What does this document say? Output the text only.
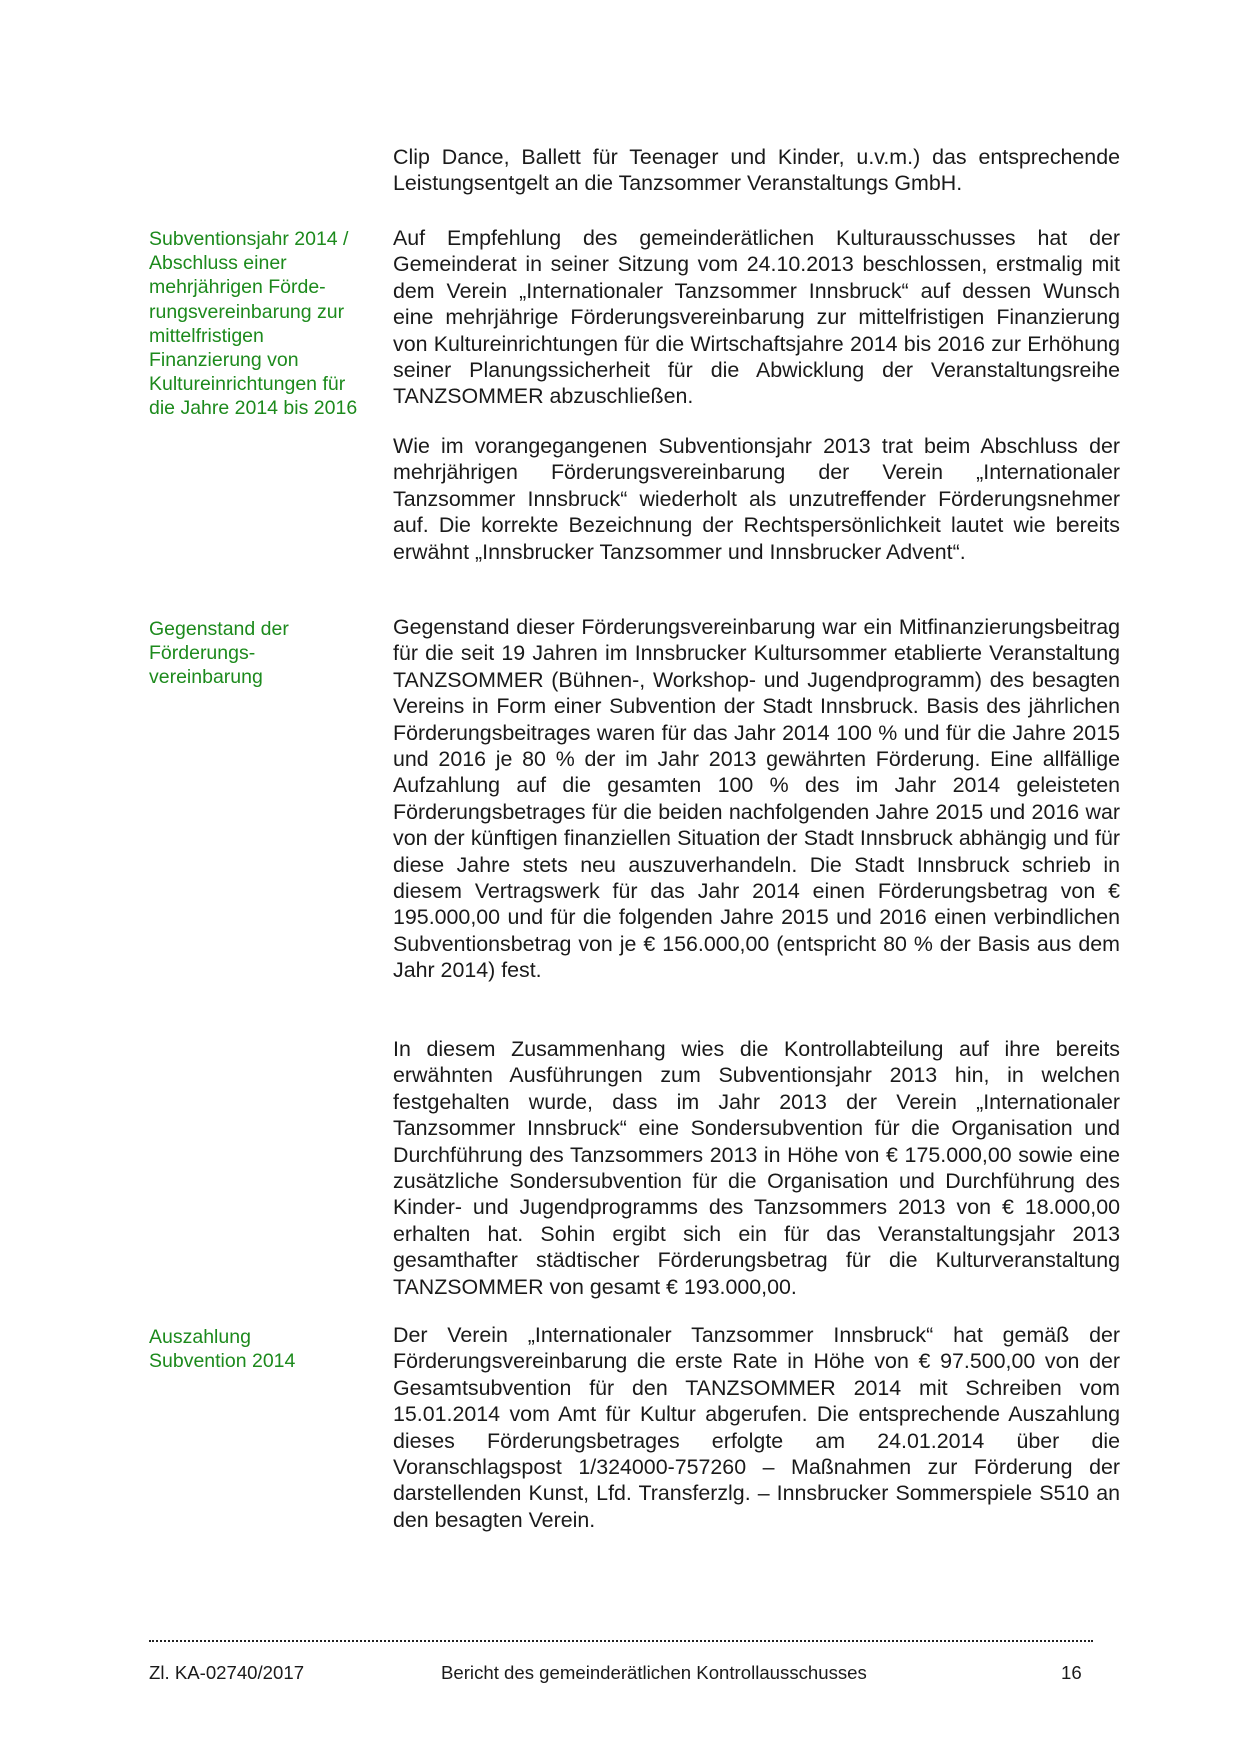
Clip Dance, Ballett für Teenager und Kinder, u.v.m.) das entsprechende Leistungsentgelt an die Tanzsommer Veranstaltungs GmbH.

Auf Empfehlung des gemeinderätlichen Kulturausschusses hat der Gemeinderat in seiner Sitzung vom 24.10.2013 beschlossen, erstmalig mit dem Verein „Internationaler Tanzsommer Innsbruck“ auf dessen Wunsch eine mehrjährige Förderungsvereinbarung zur mittelfristigen Finanzierung von Kultureinrichtungen für die Wirtschaftsjahre 2014 bis 2016 zur Erhöhung seiner Planungssicherheit für die Abwicklung der Veranstaltungsreihe TANZSOMMER abzuschließen.

Wie im vorangegangenen Subventionsjahr 2013 trat beim Abschluss der mehrjährigen Förderungsvereinbarung der Verein „Internationaler Tanzsommer Innsbruck“ wiederholt als unzutreffender Förderungsnehmer auf. Die korrekte Bezeichnung der Rechtspersönlichkeit lautet wie bereits erwähnt „Innsbrucker Tanzsommer und Innsbrucker Advent“.

Gegenstand dieser Förderungsvereinbarung war ein Mitfinanzierungsbeitrag für die seit 19 Jahren im Innsbrucker Kultursommer etablierte Veranstaltung TANZSOMMER (Bühnen-, Workshop- und Jugendprogramm) des besagten Vereins in Form einer Subvention der Stadt Innsbruck. Basis des jährlichen Förderungsbeitrages waren für das Jahr 2014 100 % und für die Jahre 2015 und 2016 je 80 % der im Jahr 2013 gewährten Förderung. Eine allfällige Aufzahlung auf die gesamten 100 % des im Jahr 2014 geleisteten Förderungsbetrages für die beiden nachfolgenden Jahre 2015 und 2016 war von der künftigen finanziellen Situation der Stadt Innsbruck abhängig und für diese Jahre stets neu auszuverhandeln. Die Stadt Innsbruck schrieb in diesem Vertragswerk für das Jahr 2014 einen Förderungsbetrag von € 195.000,00 und für die folgenden Jahre 2015 und 2016 einen verbindlichen Subventionsbetrag von je € 156.000,00 (entspricht 80 % der Basis aus dem Jahr 2014) fest.

In diesem Zusammenhang wies die Kontrollabteilung auf ihre bereits erwähnten Ausführungen zum Subventionsjahr 2013 hin, in welchen festgehalten wurde, dass im Jahr 2013 der Verein „Internationaler Tanzsommer Innsbruck“ eine Sondersubvention für die Organisation und Durchführung des Tanzsommers 2013 in Höhe von € 175.000,00 sowie eine zusätzliche Sondersubvention für die Organisation und Durchführung des Kinder- und Jugendprogramms des Tanzsommers 2013 von € 18.000,00 erhalten hat. Sohin ergibt sich ein für das Veranstaltungsjahr 2013 gesamthafter städtischer Förderungsbetrag für die Kulturveranstaltung TANZSOMMER von gesamt € 193.000,00.

Der Verein „Internationaler Tanzsommer Innsbruck“ hat gemäß der Förderungsvereinbarung die erste Rate in Höhe von € 97.500,00 von der Gesamtsubvention für den TANZSOMMER 2014 mit Schreiben vom 15.01.2014 vom Amt für Kultur abgerufen. Die entsprechende Auszahlung dieses Förderungsbetrages erfolgte am 24.01.2014 über die Voranschlagspost 1/324000-757260 – Maßnahmen zur Förderung der darstellenden Kunst, Lfd. Transferzlg. – Innsbrucker Sommerspiele S510 an den besagten Verein.

Subventionsjahr 2014 /
Abschluss einer
mehrjährigen Förde-
rungsvereinbarung zur
mittelfristigen
Finanzierung von
Kultureinrichtungen für
die Jahre 2014 bis 2016
Gegenstand der
Förderungs-
vereinbarung
Auszahlung
Subvention 2014
Zl. KA-02740/2017	Bericht des gemeinderätlichen Kontrollausschusses	16
